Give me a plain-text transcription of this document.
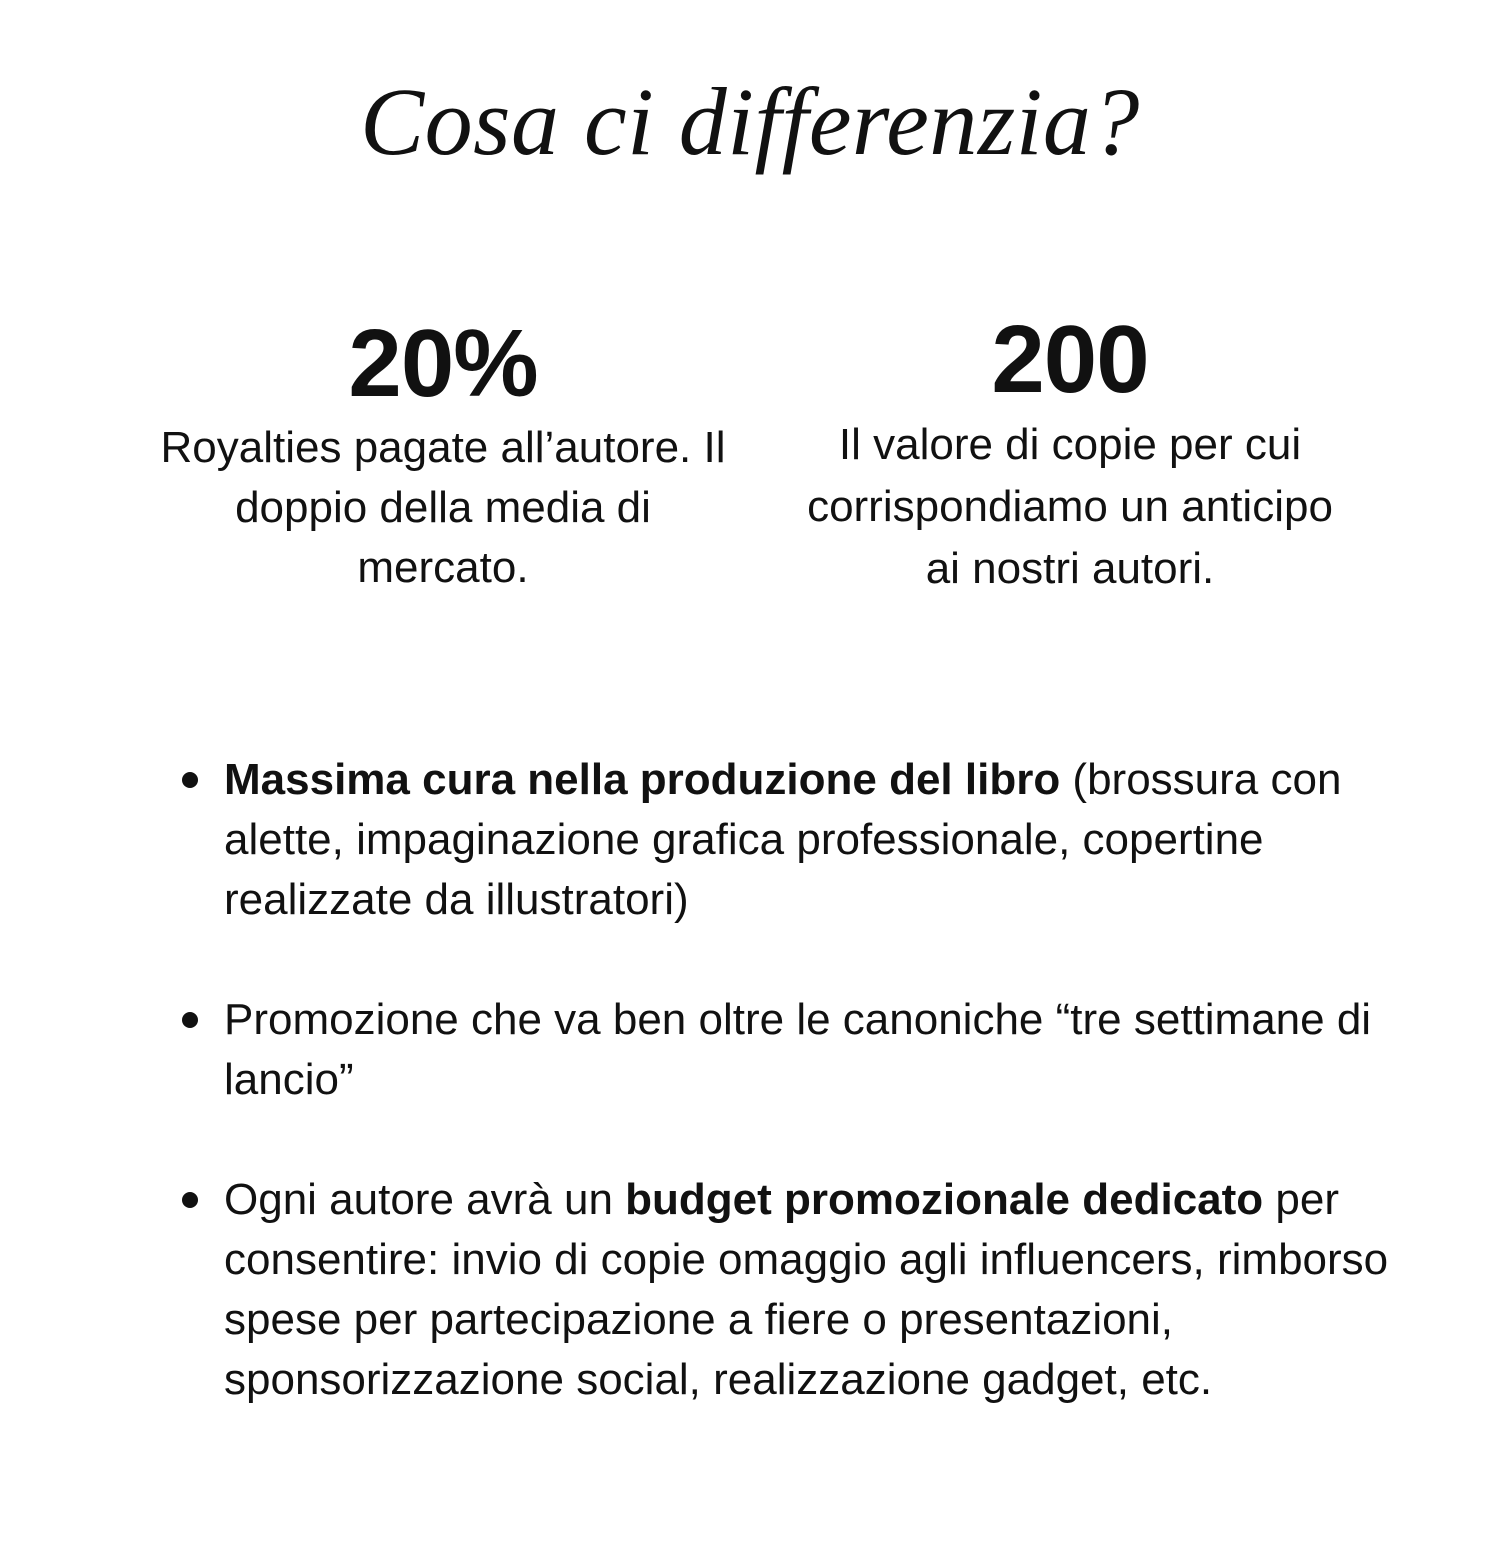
Cosa ci differenzia?
20%
Royalties pagate all’autore. Il doppio della media di mercato.
200
Il valore di copie per cui corrispondiamo un anticipo ai nostri autori.
Massima cura nella produzione del libro (brossura con alette, impaginazione grafica professionale, copertine realizzate da illustratori)
Promozione che va ben oltre le canoniche “tre settimane di lancio”
Ogni autore avrà un budget promozionale dedicato per consentire: invio di copie omaggio agli influencers, rimborso spese per partecipazione a fiere o presentazioni, sponsorizzazione social, realizzazione gadget, etc.
